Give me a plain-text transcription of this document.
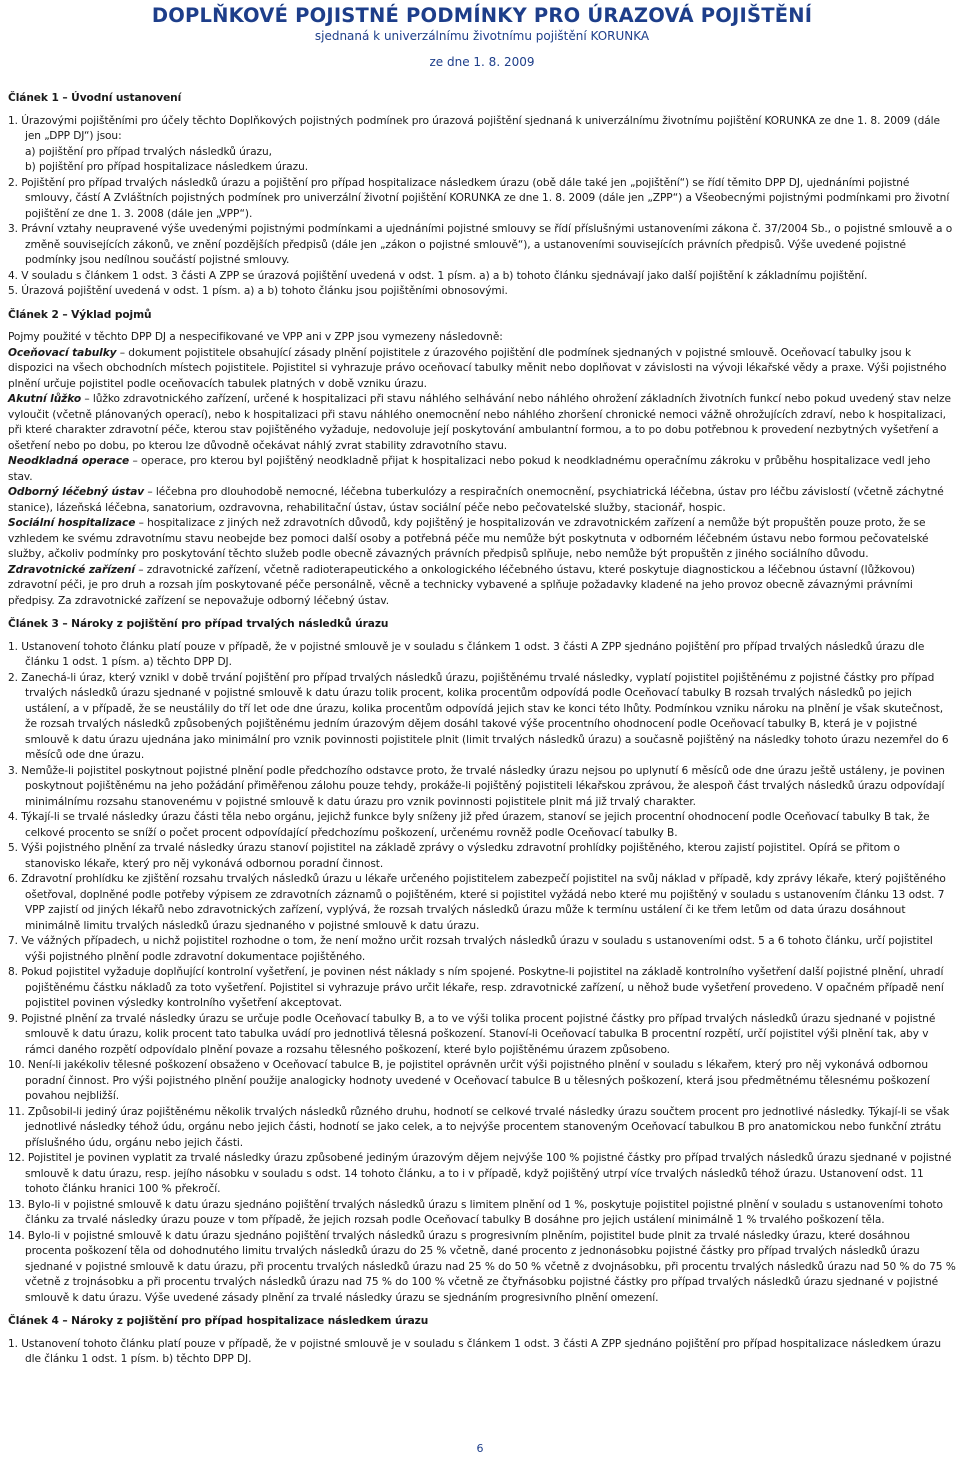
DOPLŇKOVÉ POJISTNÉ PODMÍNKY PRO ÚRAZOVÁ POJIŠTĚNÍ
sjednaná k univerzálnímu životnímu pojištění KORUNKA
ze dne 1. 8. 2009
Článek 1 – Úvodní ustanovení

1. Úrazovými pojištěními pro účely těchto Doplňkových pojistných podmínek pro úrazová pojištění sjednaná k univerzálnímu životnímu pojištění KORUNKA ze dne 1. 8. 2009 (dále jen „DPP DJ“) jsou:

a) pojištění pro případ trvalých následků úrazu,

b) pojištění pro případ hospitalizace následkem úrazu.

2. Pojištění pro případ trvalých následků úrazu a pojištění pro případ hospitalizace následkem úrazu (obě dále také jen „pojištění“) se řídí těmito DPP DJ, ujednáními pojistné smlouvy, částí A Zvláštních pojistných podmínek pro univerzální životní pojištění KORUNKA ze dne 1. 8. 2009 (dále jen „ZPP“) a Všeobecnými pojistnými podmínkami pro životní pojištění ze dne 1. 3. 2008 (dále jen „VPP“).

3. Právní vztahy neupravené výše uvedenými pojistnými podmínkami a ujednáními pojistné smlouvy se řídí příslušnými ustanoveními zákona č. 37/2004 Sb., o pojistné smlouvě a o změně souvisejících zákonů, ve znění pozdějších předpisů (dále jen „zákon o pojistné smlouvě“), a ustanoveními souvisejících právních předpisů. Výše uvedené pojistné podmínky jsou nedílnou součástí pojistné smlouvy.

4. V souladu s článkem 1 odst. 3 části A ZPP se úrazová pojištění uvedená v odst. 1 písm. a) a b) tohoto článku sjednávají jako další pojištění k základnímu pojištění.

5. Úrazová pojištění uvedená v odst. 1 písm. a) a b) tohoto článku jsou pojištěními obnosovými.

Článek 2 – Výklad pojmů

Pojmy použité v těchto DPP DJ a nespecifikované ve VPP ani v ZPP jsou vymezeny následovně:

Oceňovací tabulky – dokument pojistitele obsahující zásady plnění pojistitele z úrazového pojištění dle podmínek sjednaných v pojistné smlouvě. Oceňovací tabulky jsou k dispozici na všech obchodních místech pojistitele. Pojistitel si vyhrazuje právo oceňovací tabulky měnit nebo doplňovat v závislosti na vývoji lékařské vědy a praxe. Výši pojistného plnění určuje pojistitel podle oceňovacích tabulek platných v době vzniku úrazu.

Akutní lůžko – lůžko zdravotnického zařízení, určené k hospitalizaci při stavu náhlého selhávání nebo náhlého ohrožení základních životních funkcí nebo pokud uvedený stav nelze vyloučit (včetně plánovaných operací), nebo k hospitalizaci při stavu náhlého onemocnění nebo náhlého zhoršení chronické nemoci vážně ohrožujících zdraví, nebo k hospitalizaci, při které charakter zdravotní péče, kterou stav pojištěného vyžaduje, nedovoluje její poskytování ambulantní formou, a to po dobu potřebnou k provedení nezbytných vyšetření a ošetření nebo po dobu, po kterou lze důvodně očekávat náhlý zvrat stability zdravotního stavu.

Neodkladná operace – operace, pro kterou byl pojištěný neodkladně přijat k hospitalizaci nebo pokud k neodkladnému operačnímu zákroku v průběhu hospitalizace vedl jeho stav.

Odborný léčebný ústav – léčebna pro dlouhodobě nemocné, léčebna tuberkulózy a respiračních onemocnění, psychiatrická léčebna, ústav pro léčbu závislostí (včetně záchytné stanice), lázeňská léčebna, sanatorium, ozdravovna, rehabilitační ústav, ústav sociální péče nebo pečovatelské služby, stacionář, hospic.

Sociální hospitalizace – hospitalizace z jiných než zdravotních důvodů, kdy pojištěný je hospitalizován ve zdravotnickém zařízení a nemůže být propuštěn pouze proto, že se vzhledem ke svému zdravotnímu stavu neobejde bez pomoci další osoby a potřebná péče mu nemůže být poskytnuta v odborném léčebném ústavu nebo formou pečovatelské služby, ačkoliv podmínky pro poskytování těchto služeb podle obecně závazných právních předpisů splňuje, nebo nemůže být propuštěn z jiného sociálního důvodu.

Zdravotnické zařízení – zdravotnické zařízení, včetně radioterapeutického a onkologického léčebného ústavu, které poskytuje diagnostickou a léčebnou ústavní (lůžkovou) zdravotní péči, je pro druh a rozsah jím poskytované péče personálně, věcně a technicky vybavené a splňuje požadavky kladené na jeho provoz obecně závaznými právními předpisy. Za zdravotnické zařízení se nepovažuje odborný léčebný ústav.

Článek 3 – Nároky z pojištění pro případ trvalých následků úrazu

1. Ustanovení tohoto článku platí pouze v případě, že v pojistné smlouvě je v souladu s článkem 1 odst. 3 části A ZPP sjednáno pojištění pro případ trvalých následků úrazu dle článku 1 odst. 1 písm. a) těchto DPP DJ.

2. Zanechá-li úraz, který vznikl v době trvání pojištění pro případ trvalých následků úrazu, pojištěnému trvalé následky, vyplatí pojistitel pojištěnému z pojistné částky pro případ trvalých následků úrazu sjednané v pojistné smlouvě k datu úrazu tolik procent, kolika procentům odpovídá podle Oceňovací tabulky B rozsah trvalých následků po jejich ustálení, a v případě, že se neustálily do tří let ode dne úrazu, kolika procentům odpovídá jejich stav ke konci této lhůty. Podmínkou vzniku nároku na plnění je však skutečnost, že rozsah trvalých následků způsobených pojištěnému jedním úrazovým dějem dosáhl takové výše procentního ohodnocení podle Oceňovací tabulky B, která je v pojistné smlouvě k datu úrazu ujednána jako minimální pro vznik povinnosti pojistitele plnit (limit trvalých následků úrazu) a současně pojištěný na následky tohoto úrazu nezemřel do 6 měsíců ode dne úrazu.

3. Nemůže-li pojistitel poskytnout pojistné plnění podle předchozího odstavce proto, že trvalé následky úrazu nejsou po uplynutí 6 měsíců ode dne úrazu ještě ustáleny, je povinen poskytnout pojištěnému na jeho požádání přiměřenou zálohu pouze tehdy, prokáže-li pojištěný pojistiteli lékařskou zprávou, že alespoň část trvalých následků úrazu odpovídají minimálnímu rozsahu stanovenému v pojistné smlouvě k datu úrazu pro vznik povinnosti pojistitele plnit má již trvalý charakter.

4. Týkají-li se trvalé následky úrazu části těla nebo orgánu, jejichž funkce byly sníženy již před úrazem, stanoví se jejich procentní ohodnocení podle Oceňovací tabulky B tak, že celkové procento se sníží o počet procent odpovídající předchozímu poškození, určenému rovněž podle Oceňovací tabulky B.

5. Výši pojistného plnění za trvalé následky úrazu stanoví pojistitel na základě zprávy o výsledku zdravotní prohlídky pojištěného, kterou zajistí pojistitel. Opírá se přitom o stanovisko lékaře, který pro něj vykonává odbornou poradní činnost.

6. Zdravotní prohlídku ke zjištění rozsahu trvalých následků úrazu u lékaře určeného pojistitelem zabezpečí pojistitel na svůj náklad v případě, kdy zprávy lékaře, který pojištěného ošetřoval, doplněné podle potřeby výpisem ze zdravotních záznamů o pojištěném, které si pojistitel vyžádá nebo které mu pojištěný v souladu s ustanovením článku 13 odst. 7 VPP zajistí od jiných lékařů nebo zdravotnických zařízení, vyplývá, že rozsah trvalých následků úrazu může k termínu ustálení či ke třem letům od data úrazu dosáhnout minimálně limitu trvalých následků úrazu sjednaného v pojistné smlouvě k datu úrazu.

7. Ve vážných případech, u nichž pojistitel rozhodne o tom, že není možno určit rozsah trvalých následků úrazu v souladu s ustanoveními odst. 5 a 6 tohoto článku, určí pojistitel výši pojistného plnění podle zdravotní dokumentace pojištěného.

8. Pokud pojistitel vyžaduje doplňující kontrolní vyšetření, je povinen nést náklady s ním spojené. Poskytne-li pojistitel na základě kontrolního vyšetření další pojistné plnění, uhradí pojištěnému částku nákladů za toto vyšetření. Pojistitel si vyhrazuje právo určit lékaře, resp. zdravotnické zařízení, u něhož bude vyšetření provedeno. V opačném případě není pojistitel povinen výsledky kontrolního vyšetření akceptovat.

9. Pojistné plnění za trvalé následky úrazu se určuje podle Oceňovací tabulky B, a to ve výši tolika procent pojistné částky pro případ trvalých následků úrazu sjednané v pojistné smlouvě k datu úrazu, kolik procent tato tabulka uvádí pro jednotlivá tělesná poškození. Stanoví-li Oceňovací tabulka B procentní rozpětí, určí pojistitel výši plnění tak, aby v rámci daného rozpětí odpovídalo plnění povaze a rozsahu tělesného poškození, které bylo pojištěnému úrazem způsobeno.

10. Není-li jakékoliv tělesné poškození obsaženo v Oceňovací tabulce B, je pojistitel oprávněn určit výši pojistného plnění v souladu s lékařem, který pro něj vykonává odbornou poradní činnost. Pro výši pojistného plnění použije analogicky hodnoty uvedené v Oceňovací tabulce B u tělesných poškození, která jsou předmětnému tělesnému poškození povahou nejbližší.

11. Způsobil-li jediný úraz pojištěnému několik trvalých následků různého druhu, hodnotí se celkové trvalé následky úrazu součtem procent pro jednotlivé následky. Týkají-li se však jednotlivé následky téhož údu, orgánu nebo jejich části, hodnotí se jako celek, a to nejvýše procentem stanoveným Oceňovací tabulkou B pro anatomickou nebo funkční ztrátu příslušného údu, orgánu nebo jejich části.

12. Pojistitel je povinen vyplatit za trvalé následky úrazu způsobené jediným úrazovým dějem nejvýše 100 % pojistné částky pro případ trvalých následků úrazu sjednané v pojistné smlouvě k datu úrazu, resp. jejího násobku v souladu s odst. 14 tohoto článku, a to i v případě, když pojištěný utrpí více trvalých následků téhož úrazu. Ustanovení odst. 11 tohoto článku hranici 100 % překročí.

13. Bylo-li v pojistné smlouvě k datu úrazu sjednáno pojištění trvalých následků úrazu s limitem plnění od 1 %, poskytuje pojistitel pojistné plnění v souladu s ustanoveními tohoto článku za trvalé následky úrazu pouze v tom případě, že jejich rozsah podle Oceňovací tabulky B dosáhne pro jejich ustálení minimálně 1 % trvalého poškození těla.

14. Bylo-li v pojistné smlouvě k datu úrazu sjednáno pojištění trvalých následků úrazu s progresivním plněním, pojistitel bude plnit za trvalé následky úrazu, které dosáhnou procenta poškození těla od dohodnutého limitu trvalých následků úrazu do 25 % včetně, dané procento z jednonásobku pojistné částky pro případ trvalých následků úrazu sjednané v pojistné smlouvě k datu úrazu, při procentu trvalých následků úrazu nad 25 % do 50 % včetně z dvojnásobku, při procentu trvalých následků úrazu nad 50 % do 75 % včetně z trojnásobku a při procentu trvalých následků úrazu nad 75 % do 100 % včetně ze čtyřnásobku pojistné částky pro případ trvalých následků úrazu sjednané v pojistné smlouvě k datu úrazu. Výše uvedené zásady plnění za trvalé následky úrazu se sjednáním progresivního plnění omezení.

Článek 4 – Nároky z pojištění pro případ hospitalizace následkem úrazu

1. Ustanovení tohoto článku platí pouze v případě, že v pojistné smlouvě je v souladu s článkem 1 odst. 3 části A ZPP sjednáno pojištění pro případ hospitalizace následkem úrazu dle článku 1 odst. 1 písm. b) těchto DPP DJ.

6
